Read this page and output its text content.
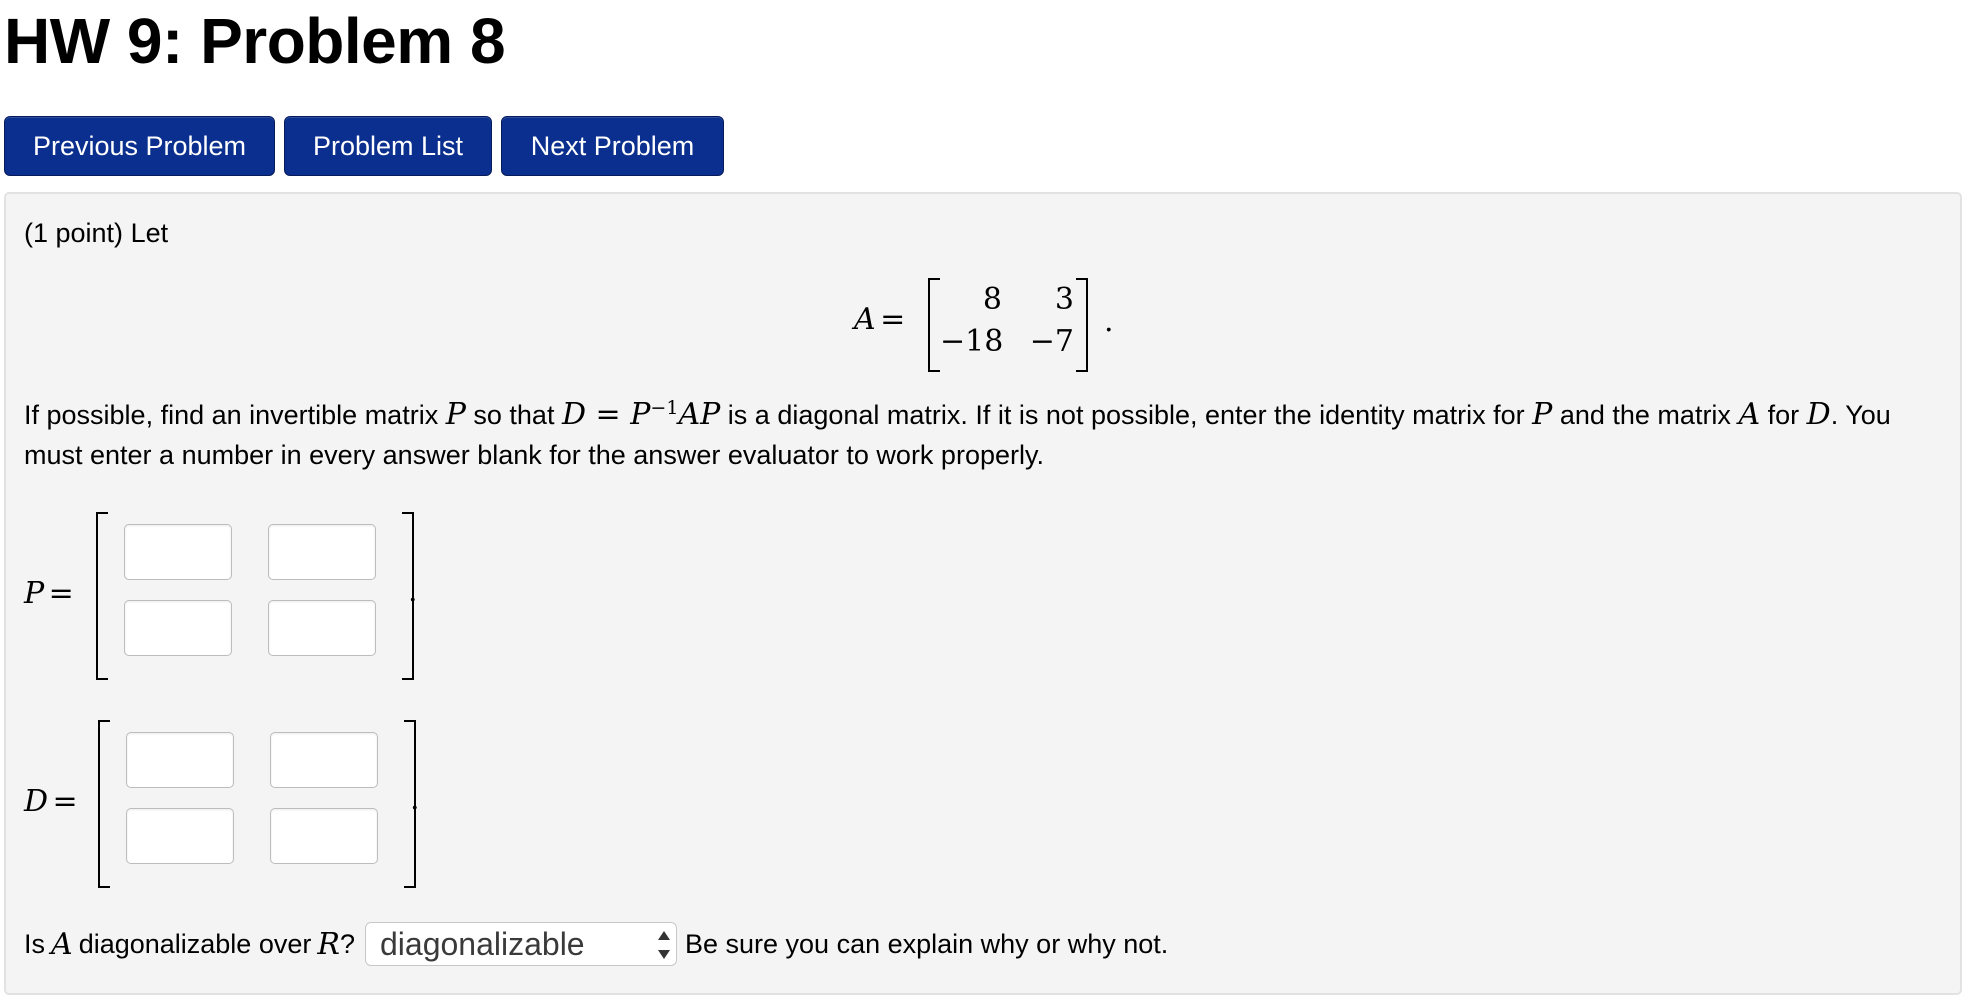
HW 9: Problem 8
Previous Problem	Problem List	Next Problem
(1 point) Let
A =
8	3
−18 −7
.
If possible, find an invertible matrix P so that $D = P^{-1}AP$ is a diagonal matrix. If it is not possible, enter the identity matrix for P and the matrix A for D. You must enter a number in every answer blank for the answer evaluator to work properly.
P =	.
D =	.
Is A diagonalizable over R ? diagonalizable	Be sure you can explain why or why not.
